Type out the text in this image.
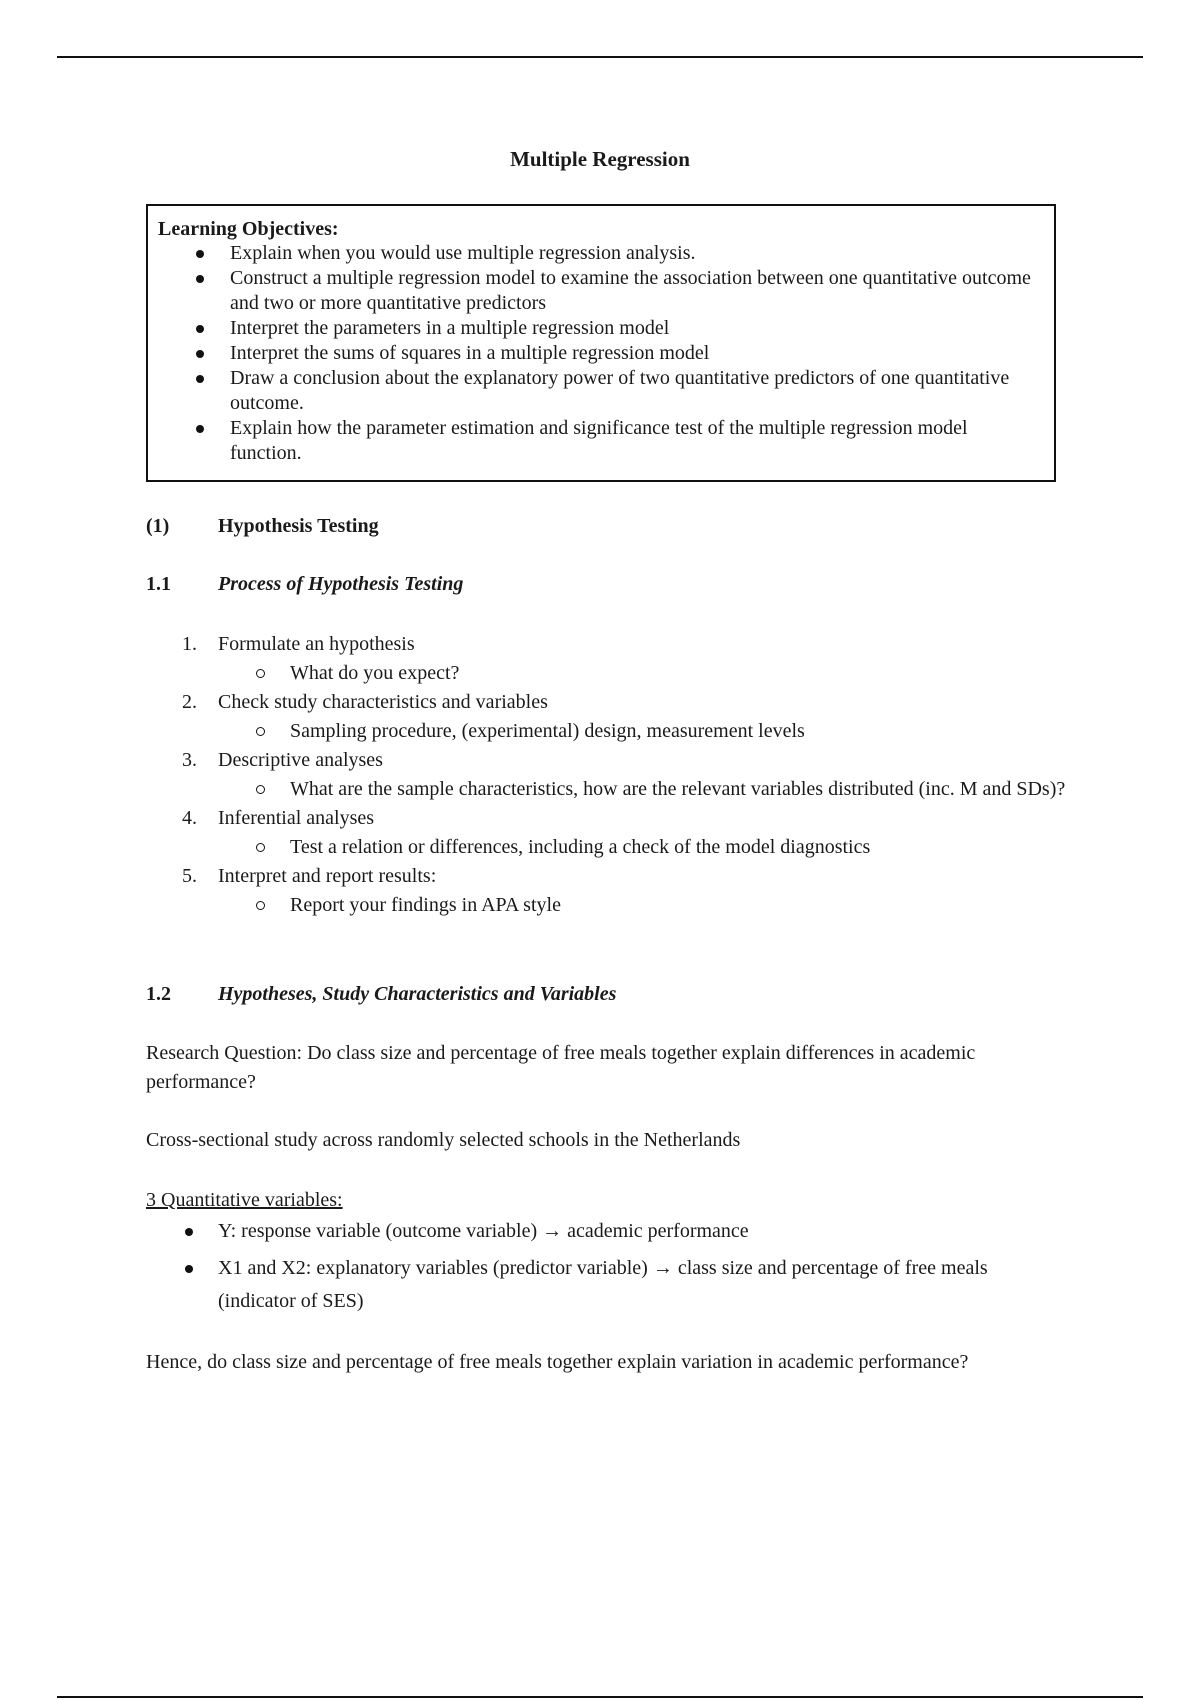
Multiple Regression
Learning Objectives:
Explain when you would use multiple regression analysis.
Construct a multiple regression model to examine the association between one quantitative outcome and two or more quantitative predictors
Interpret the parameters in a multiple regression model
Interpret the sums of squares in a multiple regression model
Draw a conclusion about the explanatory power of two quantitative predictors of one quantitative outcome.
Explain how the parameter estimation and significance test of the multiple regression model function.
(1) Hypothesis Testing
1.1 Process of Hypothesis Testing
1. Formulate an hypothesis
What do you expect?
2. Check study characteristics and variables
Sampling procedure, (experimental) design, measurement levels
3. Descriptive analyses
What are the sample characteristics, how are the relevant variables distributed (inc. M and SDs)?
4. Inferential analyses
Test a relation or differences, including a check of the model diagnostics
5. Interpret and report results:
Report your findings in APA style
1.2 Hypotheses, Study Characteristics and Variables
Research Question: Do class size and percentage of free meals together explain differences in academic performance?
Cross-sectional study across randomly selected schools in the Netherlands
3 Quantitative variables:
Y: response variable (outcome variable) → academic performance
X1 and X2: explanatory variables (predictor variable) → class size and percentage of free meals (indicator of SES)
Hence, do class size and percentage of free meals together explain variation in academic performance?
